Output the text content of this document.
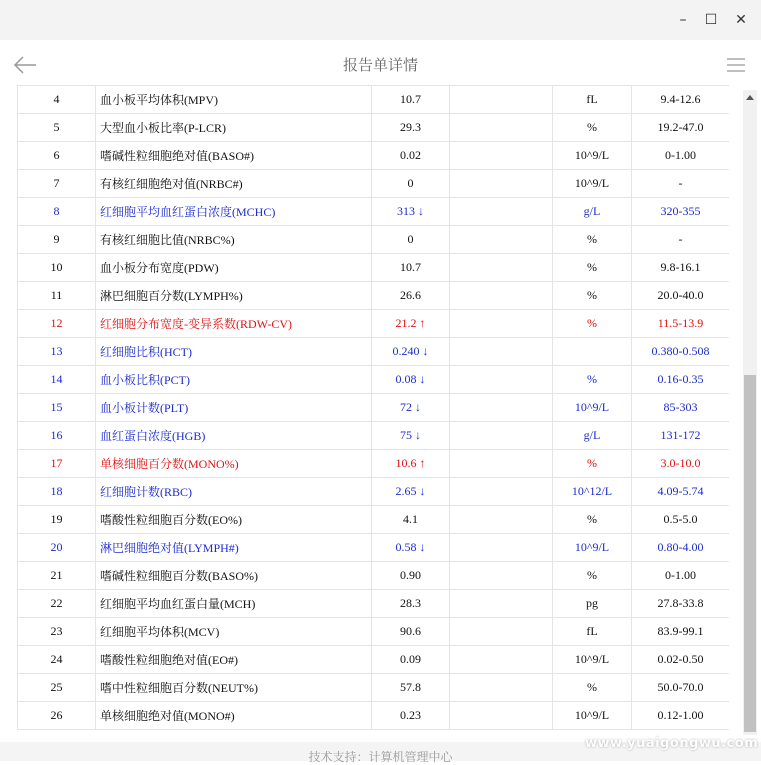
–	☐ ✕
报告单详情
4	血小板平均体积(MPV)	10.7		fL	9.4-12.6
5	大型血小板比率(P-LCR)	29.3		%	19.2-47.0
6	嗜碱性粒细胞绝对值(BASO#)	0.02		10^9/L	0-1.00
7	有核红细胞绝对值(NRBC#)	0		10^9/L	-
8	红细胞平均血红蛋白浓度(MCHC)	313 ↓		g/L	320-355
9	有核红细胞比值(NRBC%)	0		%	-
10	血小板分布宽度(PDW)	10.7		%	9.8-16.1
11	淋巴细胞百分数(LYMPH%)	26.6		%	20.0-40.0
12	红细胞分布宽度-变异系数(RDW-CV)	21.2 ↑		%	11.5-13.9
13	红细胞比积(HCT)	0.240 ↓			0.380-0.508
14	血小板比积(PCT)	0.08 ↓		%	0.16-0.35
15	血小板计数(PLT)	72 ↓		10^9/L	85-303
16	血红蛋白浓度(HGB)	75 ↓		g/L	131-172
17	单核细胞百分数(MONO%)	10.6 ↑		%	3.0-10.0
18	红细胞计数(RBC)	2.65 ↓		10^12/L	4.09-5.74
19	嗜酸性粒细胞百分数(EO%)	4.1		%	0.5-5.0
20	淋巴细胞绝对值(LYMPH#)	0.58 ↓		10^9/L	0.80-4.00
21	嗜碱性粒细胞百分数(BASO%)	0.90		%	0-1.00
22	红细胞平均血红蛋白量(MCH)	28.3		pg	27.8-33.8
23	红细胞平均体积(MCV)	90.6		fL	83.9-99.1
24	嗜酸性粒细胞绝对值(EO#)	0.09		10^9/L	0.02-0.50
25	嗜中性粒细胞百分数(NEUT%)	57.8		%	50.0-70.0
26	单核细胞绝对值(MONO#)	0.23		10^9/L	0.12-1.00
技术支持：计算机管理中心
www.yuaigongwu.com
